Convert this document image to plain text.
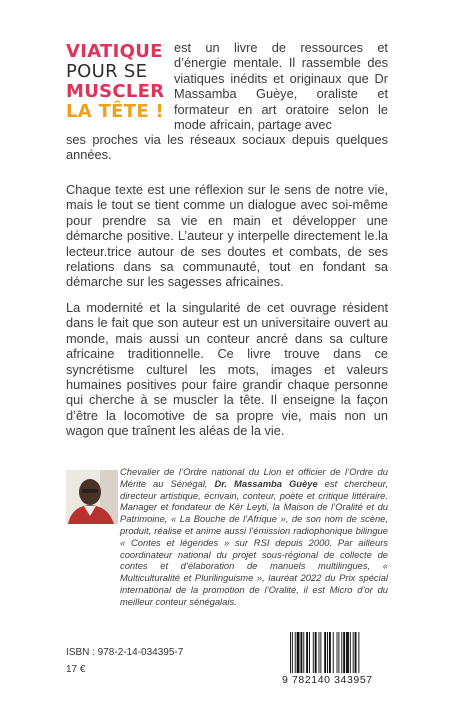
VIATIQUE
POUR SE
MUSCLER
LA TÊTE !

est un livre de ressources et d’énergie mentale. Il rassemble des viatiques inédits et originaux que Dr Massamba Guèye, oraliste et formateur en art oratoire selon le mode africain, partage avec

ses proches via les réseaux sociaux depuis quelques années.

Chaque texte est une réflexion sur le sens de notre vie, mais le tout se tient comme un dialogue avec soi-même pour prendre sa vie en main et développer une démarche positive. L’auteur y interpelle directement le.la lecteur.trice autour de ses doutes et combats, de ses relations dans sa communauté, tout en fondant sa démarche sur les sagesses africaines.

La modernité et la singularité de cet ouvrage résident dans le fait que son auteur est un universitaire ouvert au monde, mais aussi un conteur ancré dans sa culture africaine traditionnelle. Ce livre trouve dans ce syncrétisme culturel les mots, images et valeurs humaines positives pour faire grandir chaque personne qui cherche à se muscler la tête. Il enseigne la façon d’être la locomotive de sa propre vie, mais non un wagon que traînent les aléas de la vie.

Chevalier de l’Ordre national du Lion et officier de l’Ordre du Mérite au Sénégal, Dr. Massamba Guèye est chercheur, directeur artistique, écrivain, conteur, poète et critique littéraire. Manager et fondateur de Kër Leyti, la Maison de l’Oralité et du Patrimoine, « La Bouche de l’Afrique », de son nom de scène, produit, réalise et anime aussi l’émission radiophonique bilingue « Contes et légendes » sur RSI depuis 2000. Par ailleurs coordinateur national du projet sous-régional de collecte de contes et d’élaboration de manuels multilingues, « Multiculturalité et Plurilinguisme », lauréat 2022 du Prix spécial international de la promotion de l’Oralité, il est Micro d’or du meilleur conteur sénégalais.

ISBN : 978-2-14-034395-7
17 €
9 782140 343957
